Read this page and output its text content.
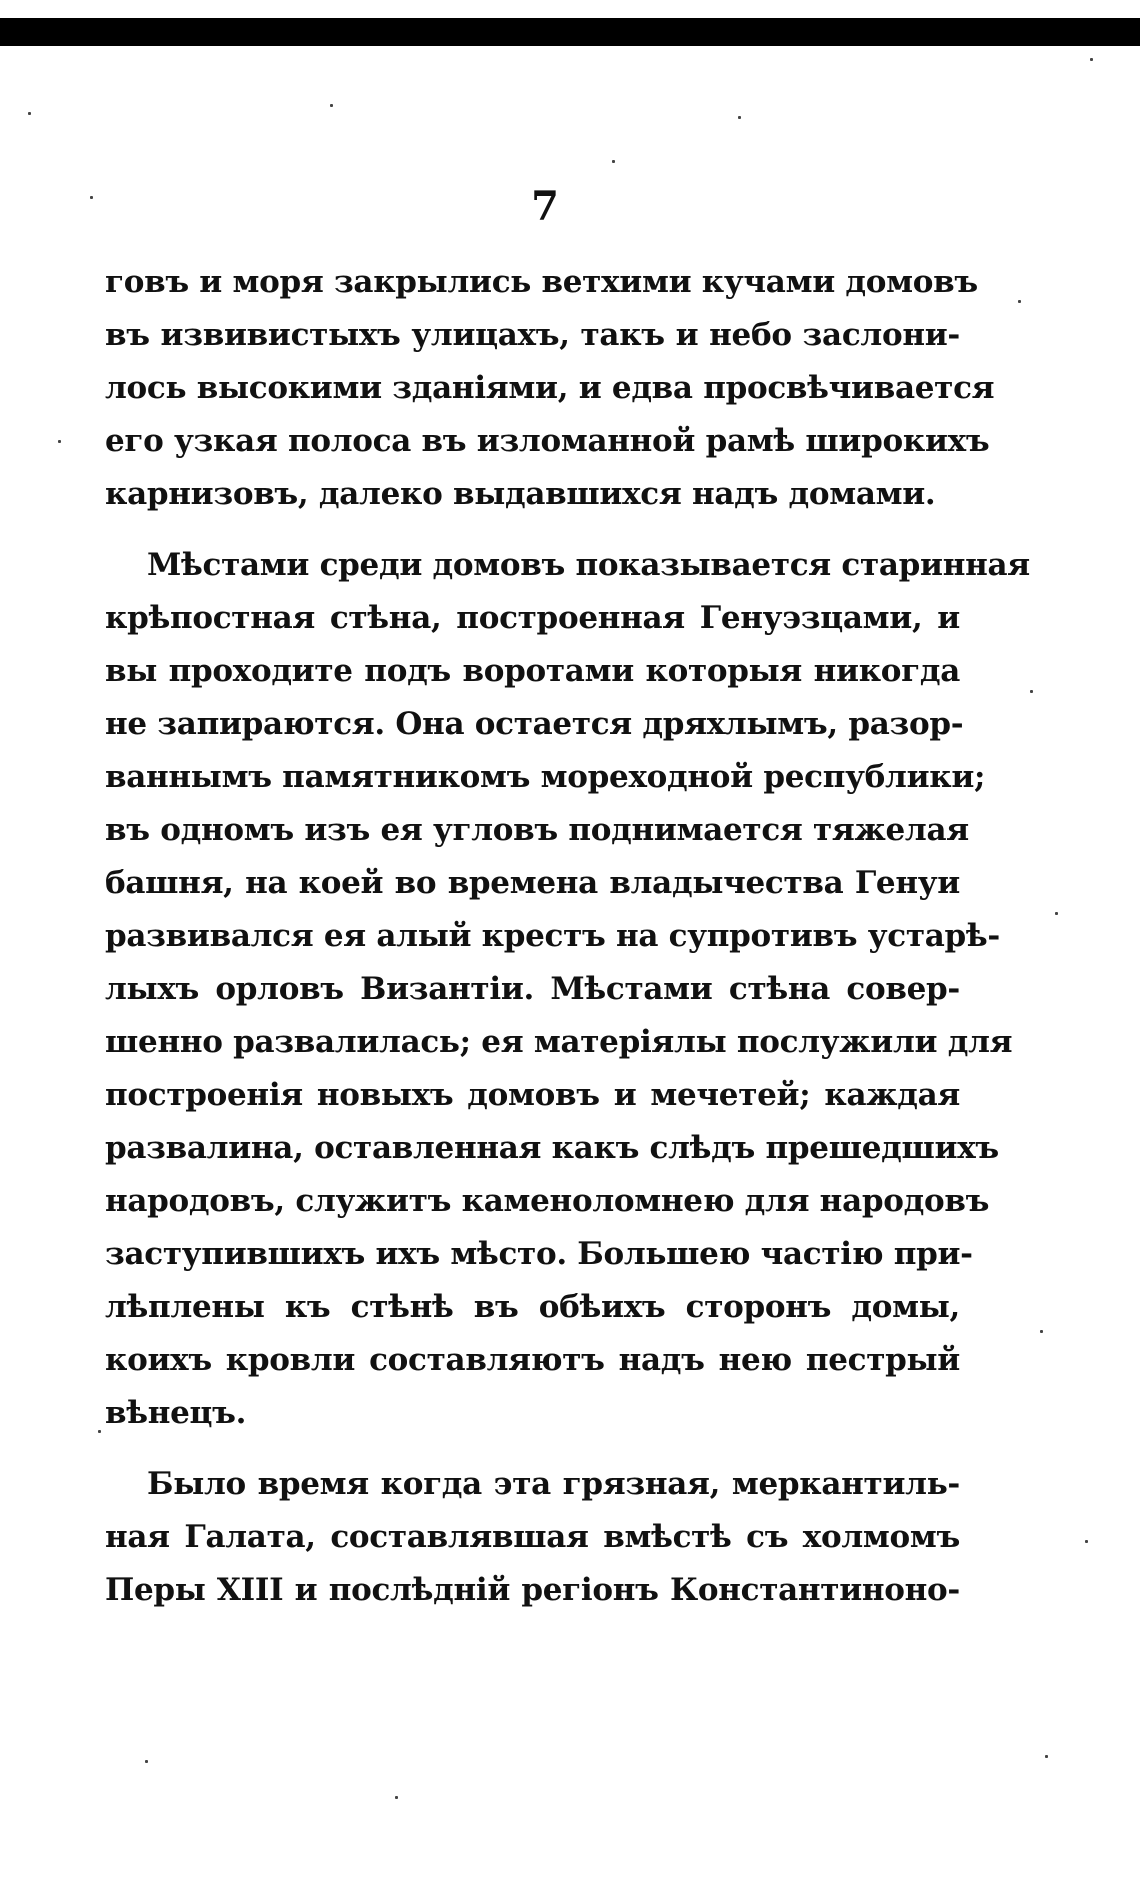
7
говъ и моря закрылись ветхими кучами домовъ
въ извивистыхъ улицахъ, такъ и небо заслони-
лось высокими зданіями, и едва просвѣчивается
его узкая полоса въ изломанной рамѣ широкихъ
карнизовъ, далеко выдавшихся надъ домами.
Мѣстами среди домовъ показывается старинная
крѣпостная стѣна, построенная Генуэзцами, и
вы проходите подъ воротами которыя никогда
не запираются. Она остается дряхлымъ, разор-
ваннымъ памятникомъ мореходной республики;
въ одномъ изъ ея угловъ поднимается тяжелая
башня, на коей во времена владычества Генуи
развивался ея алый крестъ на супротивъ устарѣ-
лыхъ орловъ Византіи. Мѣстами стѣна совер-
шенно развалилась; ея матеріялы послужили для
построенія новыхъ домовъ и мечетей; каждая
развалина, оставленная какъ слѣдъ прешедшихъ
народовъ, служитъ каменоломнею для народовъ
заступившихъ ихъ мѣсто. Большею частію при-
лѣплены къ стѣнѣ въ обѣихъ сторонъ домы,
коихъ кровли составляютъ надъ нею пестрый
вѣнецъ.
Было время когда эта грязная, меркантиль-
ная Галата, составлявшая вмѣстѣ съ холмомъ
Перы XIII и послѣдній регіонъ Константиноно-
